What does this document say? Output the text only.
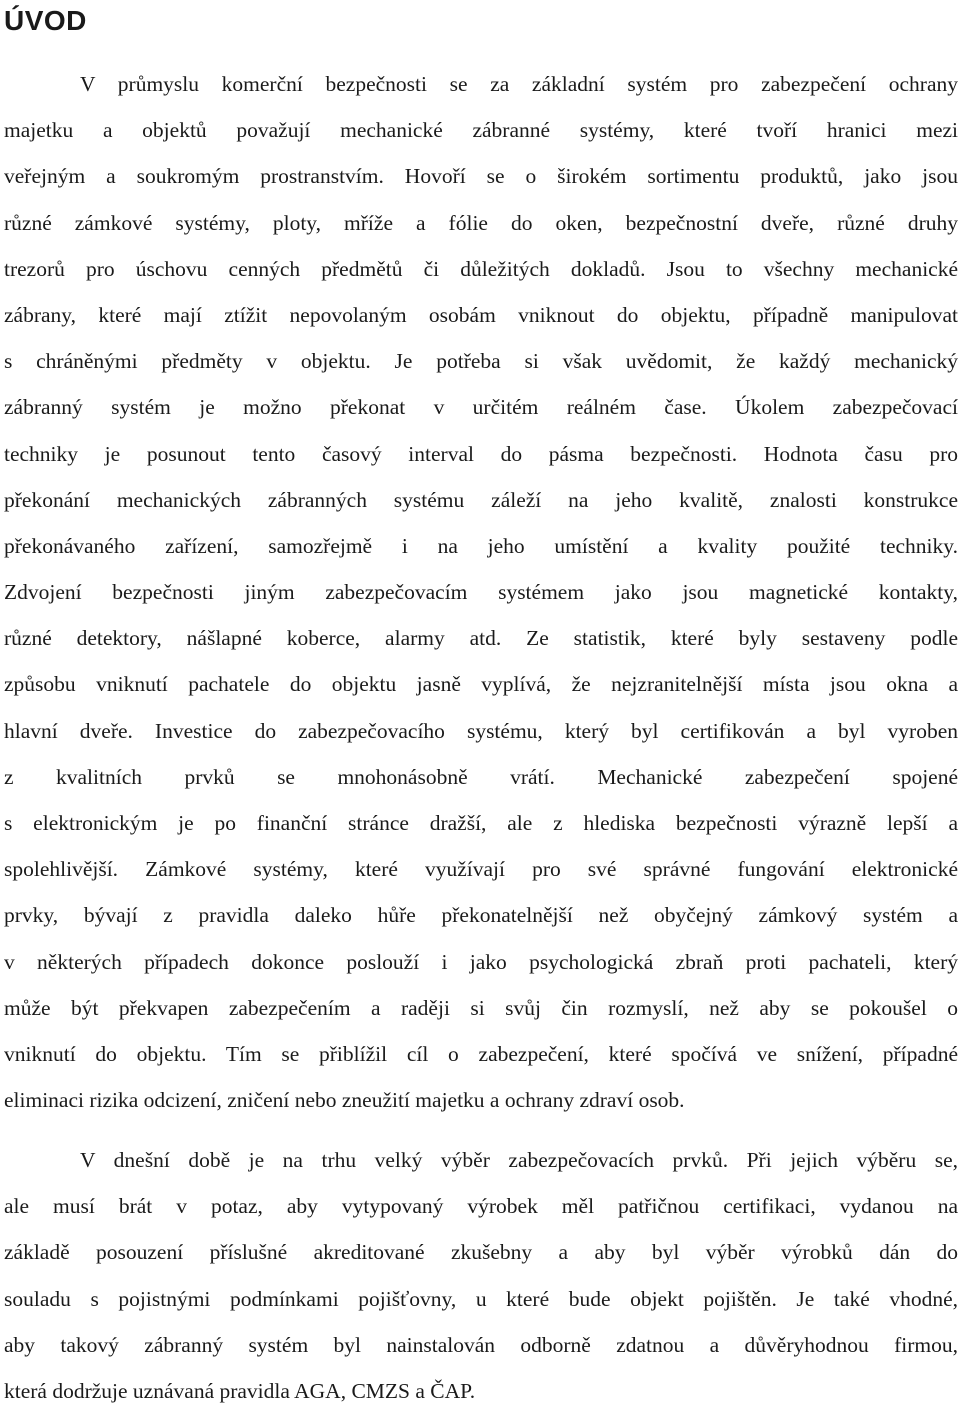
ÚVOD
V průmyslu komerční bezpečnosti se za základní systém pro zabezpečení ochrany
majetku a objektů považují mechanické zábranné systémy, které tvoří hranici mezi
veřejným a soukromým prostranstvím. Hovoří se o širokém sortimentu produktů, jako jsou
různé zámkové systémy, ploty, mříže a fólie do oken, bezpečnostní dveře, různé druhy
trezorů pro úschovu cenných předmětů či důležitých dokladů. Jsou to všechny mechanické
zábrany, které mají ztížit nepovolaným osobám vniknout do objektu, případně manipulovat
s chráněnými předměty v objektu. Je potřeba si však uvědomit, že každý mechanický
zábranný systém je možno překonat v určitém reálném čase. Úkolem zabezpečovací
techniky je posunout tento časový interval do pásma bezpečnosti. Hodnota času pro
překonání mechanických zábranných systému záleží na jeho kvalitě, znalosti konstrukce
překonávaného zařízení, samozřejmě i na jeho umístění a kvality použité techniky.
Zdvojení bezpečnosti jiným zabezpečovacím systémem jako jsou magnetické kontakty,
různé detektory, nášlapné koberce, alarmy atd. Ze statistik, které byly sestaveny podle
způsobu vniknutí pachatele do objektu jasně vyplívá, že nejzranitelnější místa jsou okna a
hlavní dveře. Investice do zabezpečovacího systému, který byl certifikován a byl vyroben
z kvalitních prvků se mnohonásobně vrátí. Mechanické zabezpečení spojené
s elektronickým je po finanční stránce dražší, ale z hlediska bezpečnosti výrazně lepší a
spolehlivější. Zámkové systémy, které využívají pro své správné fungování elektronické
prvky, bývají z pravidla daleko hůře překonatelnější než obyčejný zámkový systém a
v některých případech dokonce poslouží i jako psychologická zbraň proti pachateli, který
může být překvapen zabezpečením a raději si svůj čin rozmyslí, než aby se pokoušel o
vniknutí do objektu. Tím se přiblížil cíl o zabezpečení, které spočívá ve snížení, případné
eliminaci rizika odcizení, zničení nebo zneužití majetku a ochrany zdraví osob.
V dnešní době je na trhu velký výběr zabezpečovacích prvků. Při jejich výběru se,
ale musí brát v potaz, aby vytypovaný výrobek měl patřičnou certifikaci, vydanou na
základě posouzení příslušné akreditované zkušebny a aby byl výběr výrobků dán do
souladu s pojistnými podmínkami pojišťovny, u které bude objekt pojištěn. Je také vhodné,
aby takový zábranný systém byl nainstalován odborně zdatnou a důvěryhodnou firmou,
která dodržuje uznávaná pravidla AGA, CMZS a ČAP.
